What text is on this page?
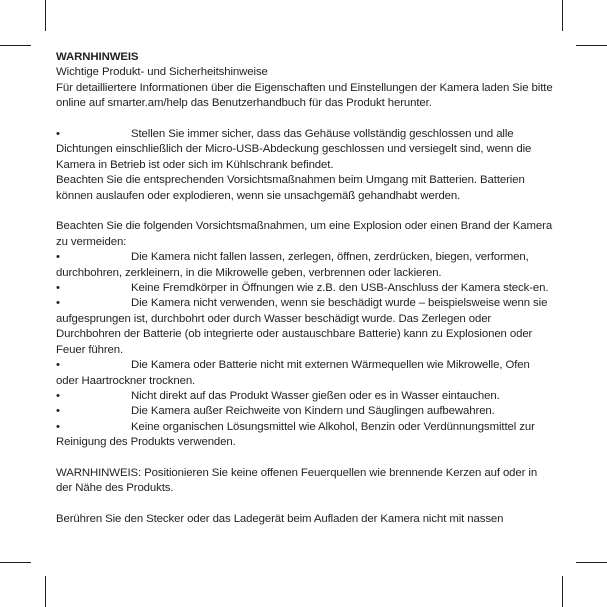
WARNHINWEIS

Wichtige Produkt- und Sicherheitshinweise

Für detailliertere Informationen über die Eigenschaften und Einstellungen der Kamera laden Sie bitte online auf smarter.am/help das Benutzerhandbuch für das Produkt herunter.

•	Stellen Sie immer sicher, dass das Gehäuse vollständig geschlossen und alle Dichtungen einschließlich der Micro-USB-Abdeckung geschlossen und versiegelt sind, wenn die Kamera in Betrieb ist oder sich im Kühlschrank befindet.

Beachten Sie die entsprechenden Vorsichtsmaßnahmen beim Umgang mit Batterien. Batterien können auslaufen oder explodieren, wenn sie unsachgemäß gehandhabt werden.

Beachten Sie die folgenden Vorsichtsmaßnahmen, um eine Explosion oder einen Brand der Kamera zu vermeiden:

•	Die Kamera nicht fallen lassen, zerlegen, öffnen, zerdrücken, biegen, verformen, durchbohren, zerkleinern, in die Mikrowelle geben, verbrennen oder lackieren.

•	Keine Fremdkörper in Öffnungen wie z.B. den USB-Anschluss der Kamera steck-en.

•	Die Kamera nicht verwenden, wenn sie beschädigt wurde – beispielsweise wenn sie aufgesprungen ist, durchbohrt oder durch Wasser beschädigt wurde. Das Zerlegen oder Durchbohren der Batterie (ob integrierte oder austauschbare Batterie) kann zu Explosionen oder Feuer führen.

•	Die Kamera oder Batterie nicht mit externen Wärmequellen wie Mikrowelle, Ofen oder Haartrockner trocknen.

•	Nicht direkt auf das Produkt Wasser gießen oder es in Wasser eintauchen.

•	Die Kamera außer Reichweite von Kindern und Säuglingen aufbewahren.

•	Keine organischen Lösungsmittel wie Alkohol, Benzin oder Verdünnungsmittel zur Reinigung des Produkts verwenden.

WARNHINWEIS: Positionieren Sie keine offenen Feuerquellen wie brennende Kerzen auf oder in der Nähe des Produkts.

Berühren Sie den Stecker oder das Ladegerät beim Aufladen der Kamera nicht mit nassen
